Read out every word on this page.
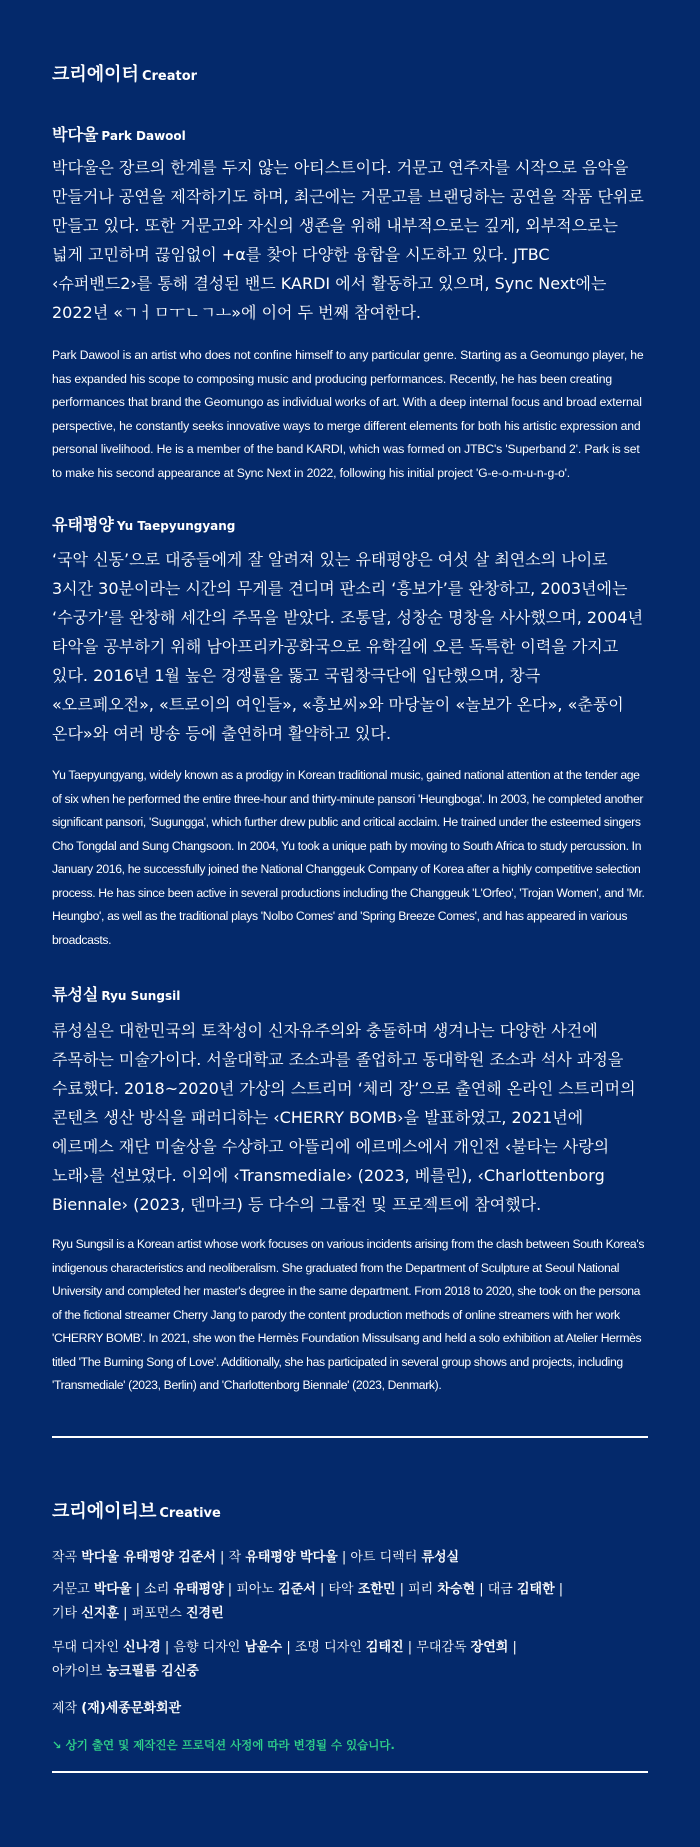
크리에이터 Creator
박다울 Park Dawool

박다울은 장르의 한계를 두지 않는 아티스트이다. 거문고 연주자를 시작으로 음악을 만들거나 공연을 제작하기도 하며, 최근에는 거문고를 브랜딩하는 공연을 작품 단위로 만들고 있다. 또한 거문고와 자신의 생존을 위해 내부적으로는 깊게, 외부적으로는 넓게 고민하며 끊임없이 +α를 찾아 다양한 융합을 시도하고 있다. JTBC ‹슈퍼밴드2›를 통해 결성된 밴드 KARDI 에서 활동하고 있으며, Sync Next에는 2022년 «ㄱㅓㅁㅜㄴㄱㅗ»에 이어 두 번째 참여한다.

Park Dawool is an artist who does not confine himself to any particular genre. Starting as a Geomungo player, he has expanded his scope to composing music and producing performances. Recently, he has been creating performances that brand the Geomungo as individual works of art. With a deep internal focus and broad external perspective, he constantly seeks innovative ways to merge different elements for both his artistic expression and personal livelihood. He is a member of the band KARDI, which was formed on JTBC's 'Superband 2'. Park is set to make his second appearance at Sync Next in 2022, following his initial project 'G-e-o-m-u-n-g-o'.

유태평양 Yu Taepyungyang

‘국악 신동’으로 대중들에게 잘 알려져 있는 유태평양은 여섯 살 최연소의 나이로 3시간 30분이라는 시간의 무게를 견디며 판소리 ‘흥보가’를 완창하고, 2003년에는 ‘수궁가’를 완창해 세간의 주목을 받았다. 조통달, 성창순 명창을 사사했으며, 2004년 타악을 공부하기 위해 남아프리카공화국으로 유학길에 오른 독특한 이력을 가지고 있다. 2016년 1월 높은 경쟁률을 뚫고 국립창극단에 입단했으며, 창극 «오르페오전», «트로이의 여인들», «흥보씨»와 마당놀이 «놀보가 온다», «춘풍이 온다»와 여러 방송 등에 출연하며 활약하고 있다.

Yu Taepyungyang, widely known as a prodigy in Korean traditional music, gained national attention at the tender age of six when he performed the entire three-hour and thirty-minute pansori 'Heungboga'. In 2003, he completed another significant pansori, 'Sugungga', which further drew public and critical acclaim. He trained under the esteemed singers Cho Tongdal and Sung Changsoon. In 2004, Yu took a unique path by moving to South Africa to study percussion. In January 2016, he successfully joined the National Changgeuk Company of Korea after a highly competitive selection process. He has since been active in several productions including the Changgeuk 'L'Orfeo', 'Trojan Women', and 'Mr. Heungbo', as well as the traditional plays 'Nolbo Comes' and 'Spring Breeze Comes', and has appeared in various broadcasts.

류성실 Ryu Sungsil

류성실은 대한민국의 토착성이 신자유주의와 충돌하며 생겨나는 다양한 사건에 주목하는 미술가이다. 서울대학교 조소과를 졸업하고 동대학원 조소과 석사 과정을 수료했다. 2018~2020년 가상의 스트리머 ‘체리 장’으로 출연해 온라인 스트리머의 콘텐츠 생산 방식을 패러디하는 ‹CHERRY BOMB›을 발표하였고, 2021년에 에르메스 재단 미술상을 수상하고 아뜰리에 에르메스에서 개인전 ‹불타는 사랑의 노래›를 선보였다. 이외에 ‹Transmediale› (2023, 베를린), ‹Charlottenborg Biennale› (2023, 덴마크) 등 다수의 그룹전 및 프로젝트에 참여했다.

Ryu Sungsil is a Korean artist whose work focuses on various incidents arising from the clash between South Korea's indigenous characteristics and neoliberalism. She graduated from the Department of Sculpture at Seoul National University and completed her master's degree in the same department. From 2018 to 2020, she took on the persona of the fictional streamer Cherry Jang to parody the content production methods of online streamers with her work 'CHERRY BOMB'. In 2021, she won the Hermès Foundation Missulsang and held a solo exhibition at Atelier Hermès titled 'The Burning Song of Love'. Additionally, she has participated in several group shows and projects, including 'Transmediale' (2023, Berlin) and 'Charlottenborg Biennale' (2023, Denmark).

크리에이티브 Creative
작곡 박다울 유태평양 김준서 | 작 유태평양 박다울 | 아트 디렉터 류성실
거문고 박다울 | 소리 유태평양 | 피아노 김준서 | 타악 조한민 | 피리 차승현 | 대금 김태한 |
기타 신지훈 | 퍼포먼스 진경린
무대 디자인 신나경 | 음향 디자인 남윤수 | 조명 디자인 김태진 | 무대감독 장연희 |
아카이브 눙크필름 김신중
제작 (재)세종문화회관
↘ 상기 출연 및 제작진은 프로덕션 사정에 따라 변경될 수 있습니다.
